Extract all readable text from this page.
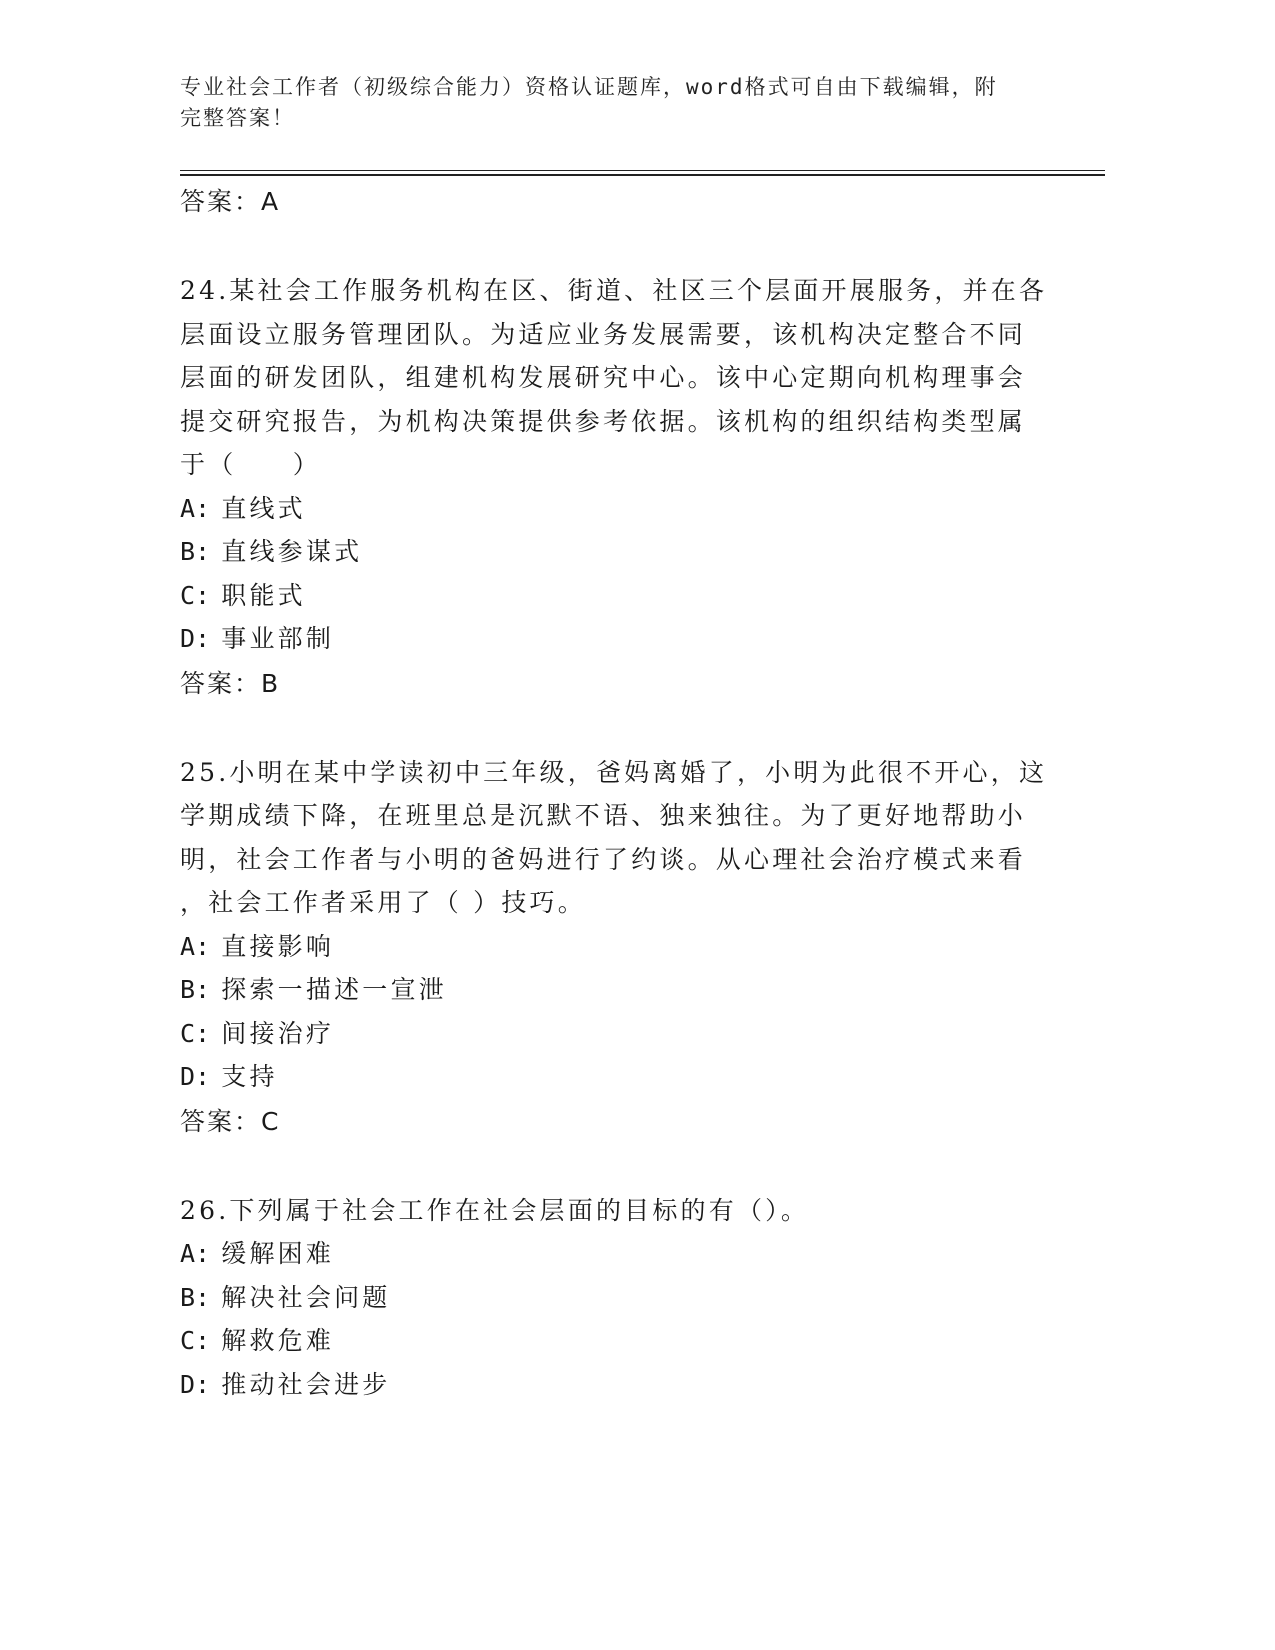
专业社会工作者（初级综合能力）资格认证题库，word格式可自由下载编辑，附
完整答案！

答案：A

24.某社会工作服务机构在区、街道、社区三个层面开展服务，并在各

层面设立服务管理团队。为适应业务发展需要，该机构决定整合不同

层面的研发团队，组建机构发展研究中心。该中心定期向机构理事会

提交研究报告，为机构决策提供参考依据。该机构的组织结构类型属

于（　　）

A: 直线式

B: 直线参谋式

C: 职能式

D: 事业部制

答案：B

25.小明在某中学读初中三年级，爸妈离婚了，小明为此很不开心，这

学期成绩下降，在班里总是沉默不语、独来独往。为了更好地帮助小

明，社会工作者与小明的爸妈进行了约谈。从心理社会治疗模式来看

，社会工作者采用了（ ）技巧。

A: 直接影响

B: 探索一描述一宣泄

C: 间接治疗

D: 支持

答案：C

26.下列属于社会工作在社会层面的目标的有（）。

A: 缓解困难

B: 解决社会问题

C: 解救危难

D: 推动社会进步
